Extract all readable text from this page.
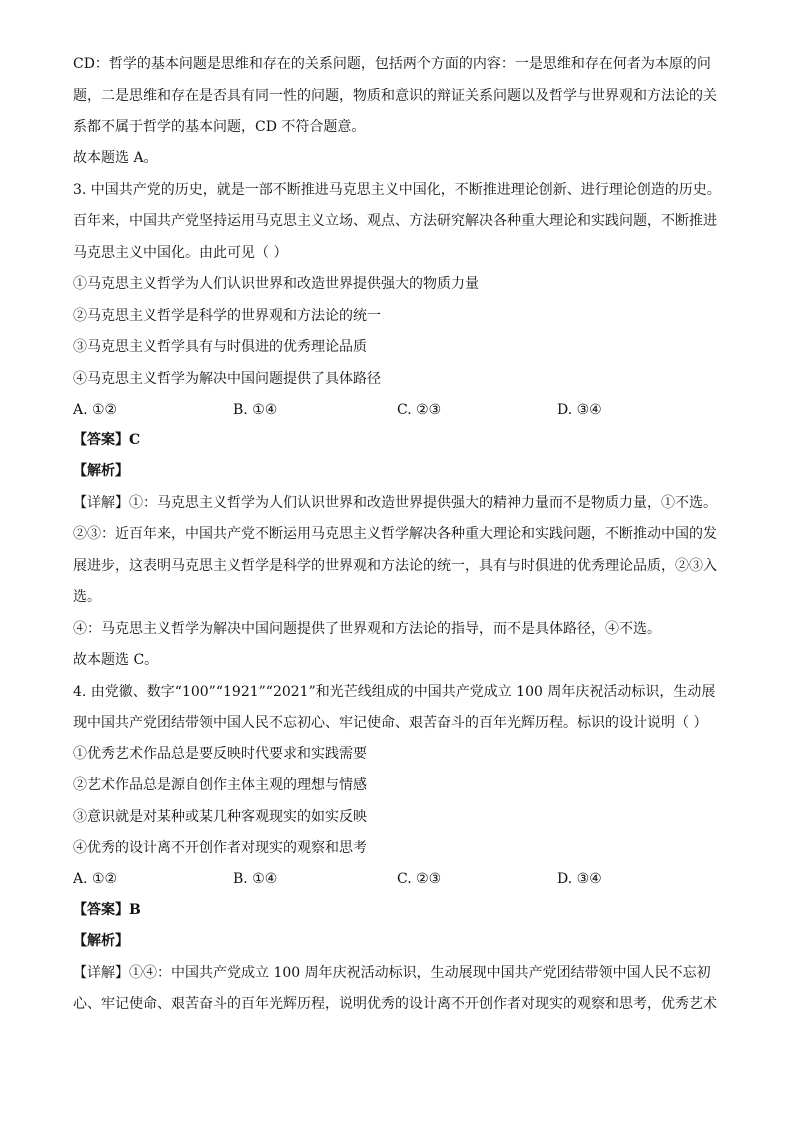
CD：哲学的基本问题是思维和存在的关系问题，包括两个方面的内容：一是思维和存在何者为本原的问
题，二是思维和存在是否具有同一性的问题，物质和意识的辩证关系问题以及哲学与世界观和方法论的关
系都不属于哲学的基本问题，CD 不符合题意。
故本题选 A。
3. 中国共产党的历史，就是一部不断推进马克思主义中国化，不断推进理论创新、进行理论创造的历史。
百年来，中国共产党坚持运用马克思主义立场、观点、方法研究解决各种重大理论和实践问题，不断推进
马克思主义中国化。由此可见（ ）
①马克思主义哲学为人们认识世界和改造世界提供强大的物质力量
②马克思主义哲学是科学的世界观和方法论的统一
③马克思主义哲学具有与时俱进的优秀理论品质
④马克思主义哲学为解决中国问题提供了具体路径
【答案】C
【解析】
【详解】①：马克思主义哲学为人们认识世界和改造世界提供强大的精神力量而不是物质力量，①不选。
②③：近百年来，中国共产党不断运用马克思主义哲学解决各种重大理论和实践问题，不断推动中国的发
展进步，这表明马克思主义哲学是科学的世界观和方法论的统一，具有与时俱进的优秀理论品质，②③入
选。
④：马克思主义哲学为解决中国问题提供了世界观和方法论的指导，而不是具体路径，④不选。
故本题选 C。
4. 由党徽、数字“100”“1921”“2021”和光芒线组成的中国共产党成立 100 周年庆祝活动标识，生动展
现中国共产党团结带领中国人民不忘初心、牢记使命、艰苦奋斗的百年光辉历程。标识的设计说明（ ）
①优秀艺术作品总是要反映时代要求和实践需要
②艺术作品总是源自创作主体主观的理想与情感
③意识就是对某种或某几种客观现实的如实反映
④优秀的设计离不开创作者对现实的观察和思考
【答案】B
【解析】
【详解】①④：中国共产党成立 100 周年庆祝活动标识，生动展现中国共产党团结带领中国人民不忘初
心、牢记使命、艰苦奋斗的百年光辉历程，说明优秀的设计离不开创作者对现实的观察和思考，优秀艺术
A. ①②	B. ①④	C. ②③	D. ③④
A. ①②	B. ①④	C. ②③	D. ③④
